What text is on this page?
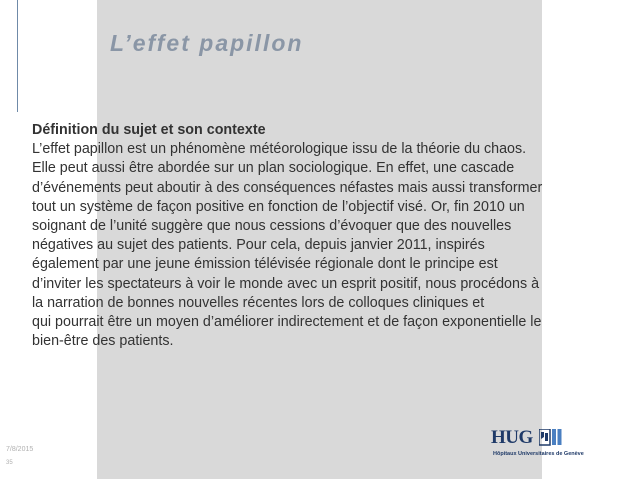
L’effet papillon
Définition du sujet et son contexte
L’effet papillon est un phénomène météorologique issu de la théorie du chaos.
Elle peut aussi être abordée sur un plan sociologique. En effet, une cascade
d’événements peut aboutir à des conséquences néfastes mais aussi transformer
tout un système de façon positive en fonction de l’objectif visé. Or, fin 2010 un
soignant de l’unité suggère que nous cessions d’évoquer que des nouvelles
négatives au sujet des patients. Pour cela, depuis janvier 2011, inspirés
également par une jeune émission télévisée régionale dont le principe est
d’inviter les spectateurs à voir le monde avec un esprit positif, nous procédons à
la narration de bonnes nouvelles récentes lors de colloques cliniques et
qui pourrait être un moyen d’améliorer indirectement et de façon exponentielle le
bien-être des patients.
7/8/2015
35
HUG
Hôpitaux Universitaires de Genève
